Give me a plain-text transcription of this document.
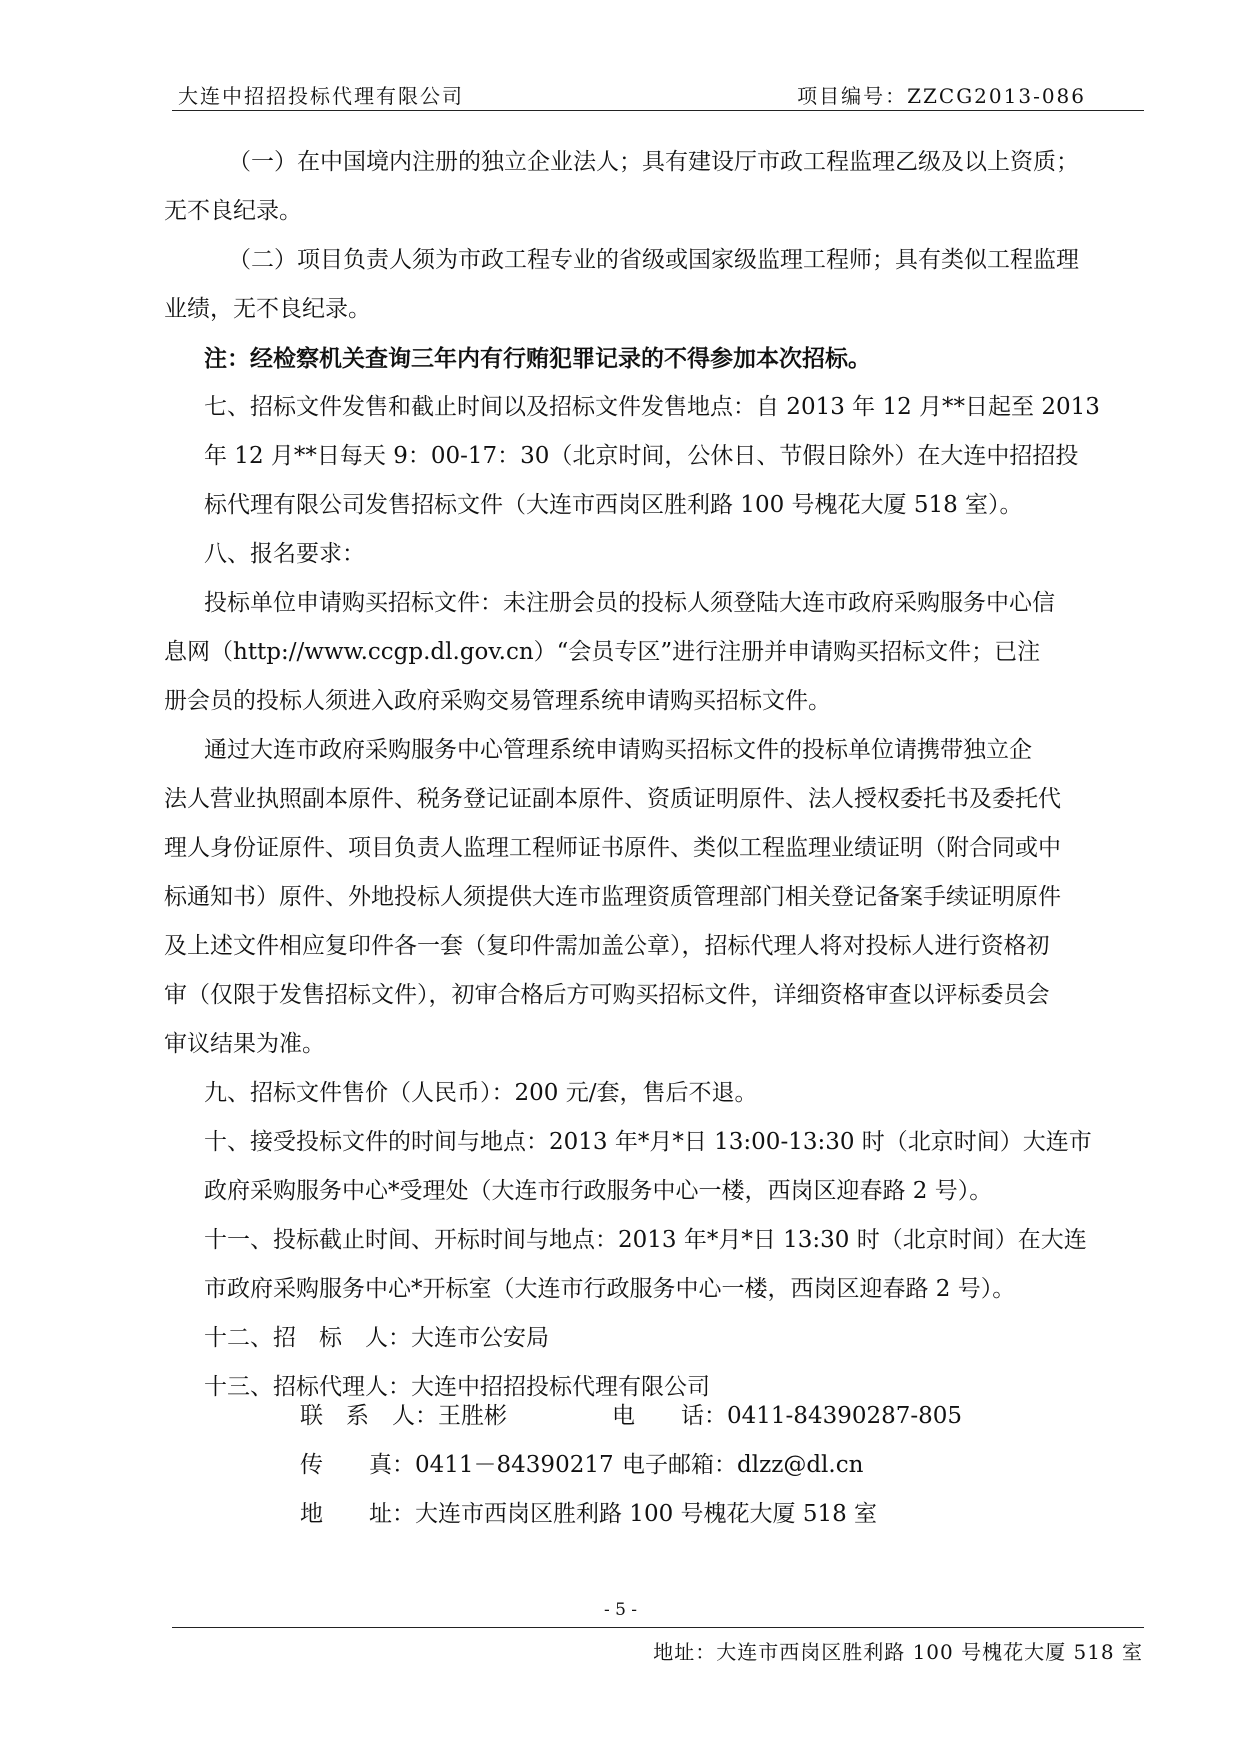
大连中招招投标代理有限公司	项目编号：ZZCG2013-086
（一）在中国境内注册的独立企业法人；具有建设厅市政工程监理乙级及以上资质；
无不良纪录。
（二）项目负责人须为市政工程专业的省级或国家级监理工程师；具有类似工程监理
业绩，无不良纪录。
注：经检察机关查询三年内有行贿犯罪记录的不得参加本次招标。
七、招标文件发售和截止时间以及招标文件发售地点：自 2013 年 12 月**日起至 2013
年 12 月**日每天 9：00-17：30（北京时间，公休日、节假日除外）在大连中招招投
标代理有限公司发售招标文件（大连市西岗区胜利路 100 号槐花大厦 518 室）。
八、报名要求：
投标单位申请购买招标文件：未注册会员的投标人须登陆大连市政府采购服务中心信
息网（http://www.ccgp.dl.gov.cn）“会员专区”进行注册并申请购买招标文件；已注
册会员的投标人须进入政府采购交易管理系统申请购买招标文件。
通过大连市政府采购服务中心管理系统申请购买招标文件的投标单位请携带独立企
法人营业执照副本原件、税务登记证副本原件、资质证明原件、法人授权委托书及委托代
理人身份证原件、项目负责人监理工程师证书原件、类似工程监理业绩证明（附合同或中
标通知书）原件、外地投标人须提供大连市监理资质管理部门相关登记备案手续证明原件
及上述文件相应复印件各一套（复印件需加盖公章），招标代理人将对投标人进行资格初
审（仅限于发售招标文件），初审合格后方可购买招标文件，详细资格审查以评标委员会
审议结果为准。
九、招标文件售价（人民币）：200 元/套，售后不退。
十、接受投标文件的时间与地点：2013 年*月*日 13:00-13:30 时（北京时间）大连市
政府采购服务中心*受理处（大连市行政服务中心一楼，西岗区迎春路 2 号）。
十一、投标截止时间、开标时间与地点：2013 年*月*日 13:30 时（北京时间）在大连
市政府采购服务中心*开标室（大连市行政服务中心一楼，西岗区迎春路 2 号）。
十二、招　标　人：大连市公安局
十三、招标代理人：大连中招招投标代理有限公司
联　系　人：王胜彬	电　　话：0411-84390287-805
传　　真：0411－84390217 电子邮箱：dlzz@dl.cn
地　　址：大连市西岗区胜利路 100 号槐花大厦 518 室
- 5 -
地址：大连市西岗区胜利路 100 号槐花大厦 518 室
